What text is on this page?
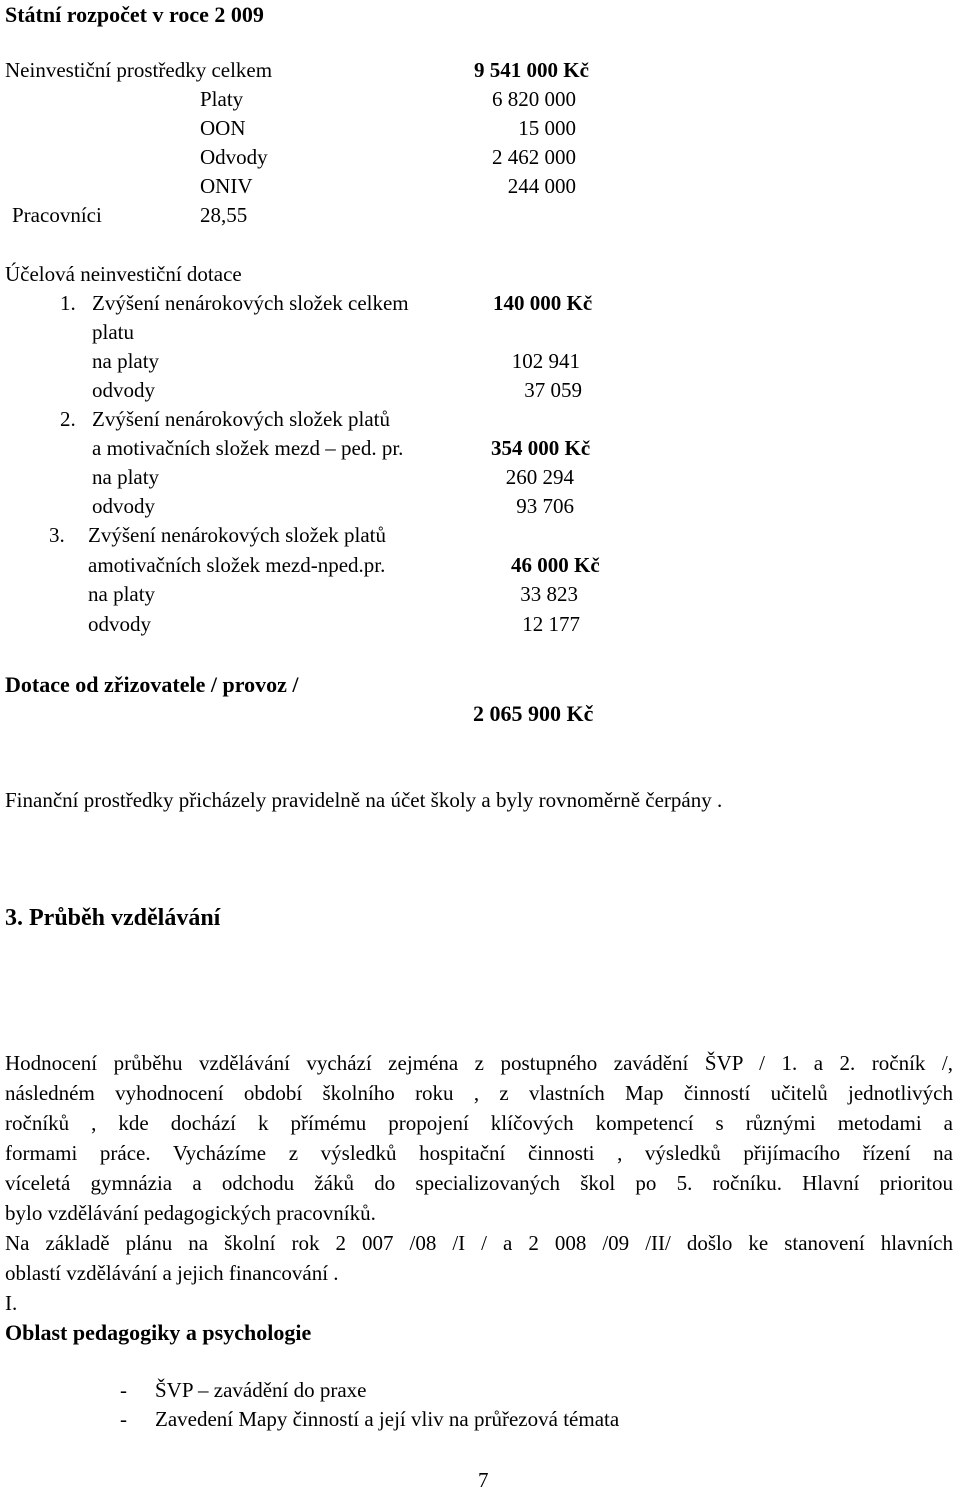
Státní rozpočet v roce 2 009
Neinvestiční prostředky celkem	9 541 000 Kč
Platy	6 820 000
OON	15 000
Odvody	2 462 000
ONIV	244 000
Pracovníci	28,55
Účelová neinvestiční dotace
1. Zvýšení nenárokových složek celkem	140 000 Kč
platu
na platy	102 941
odvody	37 059
2. Zvýšení nenárokových složek platů
a motivačních složek mezd – ped. pr.	354 000 Kč
na platy	260 294
odvody	93 706
3. Zvýšení nenárokových složek platů
amotivačních složek mezd-nped.pr.	46 000 Kč
na platy	33 823
odvody	12 177
Dotace od zřizovatele / provoz /
2 065 900 Kč
Finanční prostředky přicházely pravidelně na účet školy a byly rovnoměrně čerpány .
3. Průběh vzdělávání
Hodnocení průběhu vzdělávání vychází zejména z postupného zavádění ŠVP / 1. a 2. ročník /,
následném vyhodnocení období školního roku , z vlastních Map činností učitelů jednotlivých
ročníků , kde dochází k přímému propojení klíčových kompetencí s různými metodami a
formami práce. Vycházíme z výsledků hospitační činnosti , výsledků přijímacího řízení na
víceletá gymnázia a odchodu žáků do specializovaných škol po 5. ročníku. Hlavní prioritou
bylo vzdělávání pedagogických pracovníků.
Na základě plánu na školní rok 2 007 /08 /I / a 2 008 /09 /II/ došlo ke stanovení hlavních
oblastí vzdělávání a jejich financování .
I.
Oblast pedagogiky a psychologie
- ŠVP – zavádění do praxe
- Zavedení Mapy činností a její vliv na průřezová témata
7
